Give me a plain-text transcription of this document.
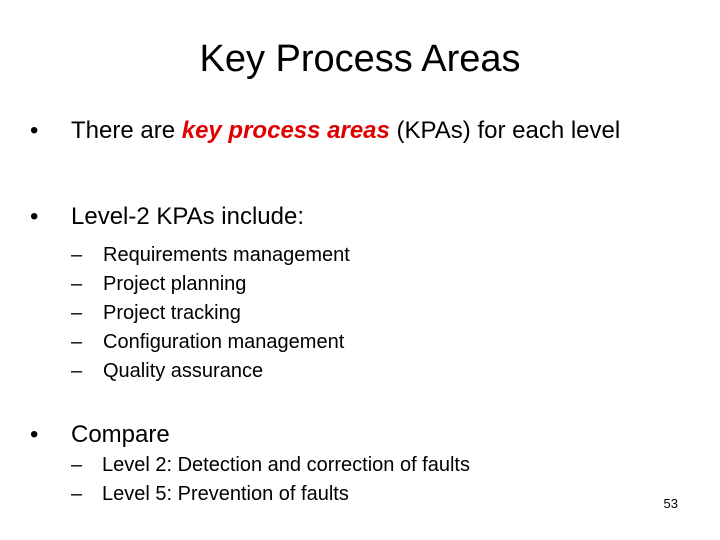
Key Process Areas
• There are key process areas (KPAs) for each level
• Level-2 KPAs include:
– Requirements management
– Project planning
– Project tracking
– Configuration management
– Quality assurance
• Compare
– Level 2: Detection and correction of faults
– Level 5: Prevention of faults	53
